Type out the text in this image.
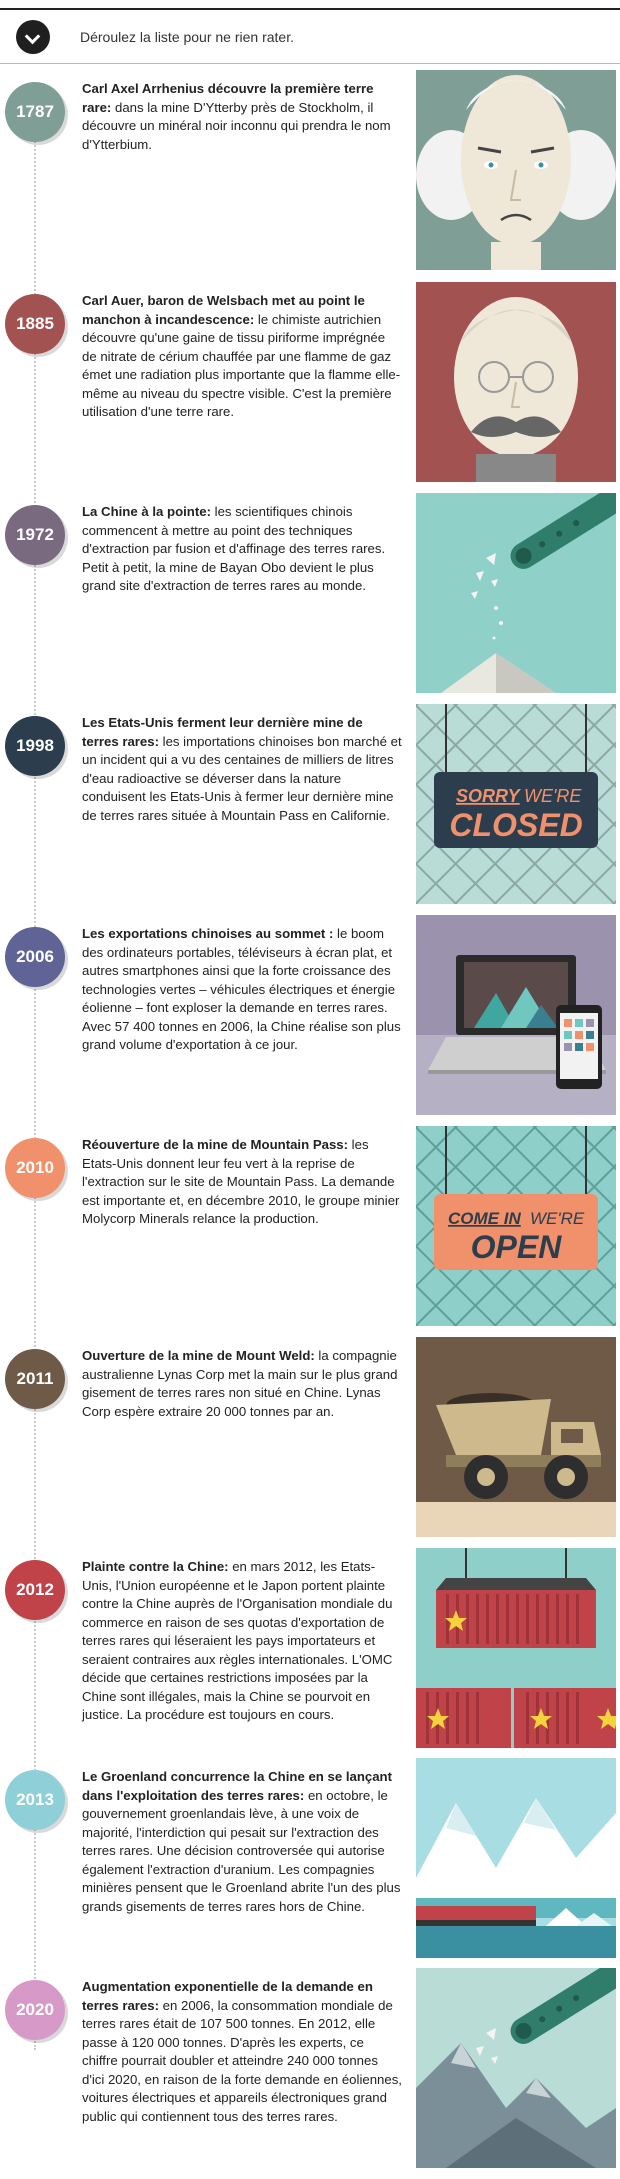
Déroulez la liste pour ne rien rater.
1787
Carl Axel Arrhenius découvre la première terre rare: dans la mine D'Ytterby près de Stockholm, il découvre un minéral noir inconnu qui prendra le nom d'Ytterbium.
1885
Carl Auer, baron de Welsbach met au point le manchon à incandescence: le chimiste autrichien découvre qu'une gaine de tissu piriforme imprégnée de nitrate de cérium chauffée par une flamme de gaz émet une radiation plus importante que la flamme elle-même au niveau du spectre visible. C'est la première utilisation d'une terre rare.
1972
La Chine à la pointe: les scientifiques chinois commencent à mettre au point des techniques d'extraction par fusion et d'affinage des terres rares. Petit à petit, la mine de Bayan Obo devient le plus grand site d'extraction de terres rares au monde.
1998
Les Etats-Unis ferment leur dernière mine de terres rares: les importations chinoises bon marché et un incident qui a vu des centaines de milliers de litres d'eau radioactive se déverser dans la nature conduisent les Etats-Unis à fermer leur dernière mine de terres rares située à Mountain Pass en Californie.
SORRY WE'RE
CLOSED
2006
Les exportations chinoises au sommet : le boom des ordinateurs portables, téléviseurs à écran plat, et autres smartphones ainsi que la forte croissance des technologies vertes – véhicules électriques et énergie éolienne – font exploser la demande en terres rares. Avec 57 400 tonnes en 2006, la Chine réalise son plus grand volume d'exportation à ce jour.
2010
Réouverture de la mine de Mountain Pass: les Etats-Unis donnent leur feu vert à la reprise de l'extraction sur le site de Mountain Pass. La demande est importante et, en décembre 2010, le groupe minier Molycorp Minerals relance la production.	COME IN WE'RE
OPEN
2011
Ouverture de la mine de Mount Weld: la compagnie australienne Lynas Corp met la main sur le plus grand gisement de terres rares non situé en Chine. Lynas Corp espère extraire 20 000 tonnes par an.
2012
Plainte contre la Chine: en mars 2012, les Etats-Unis, l'Union européenne et le Japon portent plainte contre la Chine auprès de l'Organisation mondiale du commerce en raison de ses quotas d'exportation de terres rares qui léseraient les pays importateurs et seraient contraires aux règles internationales. L'OMC décide que certaines restrictions imposées par la Chine sont illégales, mais la Chine se pourvoit en justice. La procédure est toujours en cours.
2013
Le Groenland concurrence la Chine en se lançant dans l'exploitation des terres rares: en octobre, le gouvernement groenlandais lève, à une voix de majorité, l'interdiction qui pesait sur l'extraction des terres rares. Une décision controversée qui autorise également l'extraction d'uranium. Les compagnies minières pensent que le Groenland abrite l'un des plus grands gisements de terres rares hors de Chine.
2020
Augmentation exponentielle de la demande en terres rares: en 2006, la consommation mondiale de terres rares était de 107 500 tonnes. En 2012, elle passe à 120 000 tonnes. D'après les experts, ce chiffre pourrait doubler et atteindre 240 000 tonnes d'ici 2020, en raison de la forte demande en éoliennes, voitures électriques et appareils électroniques grand public qui contiennent tous des terres rares.
